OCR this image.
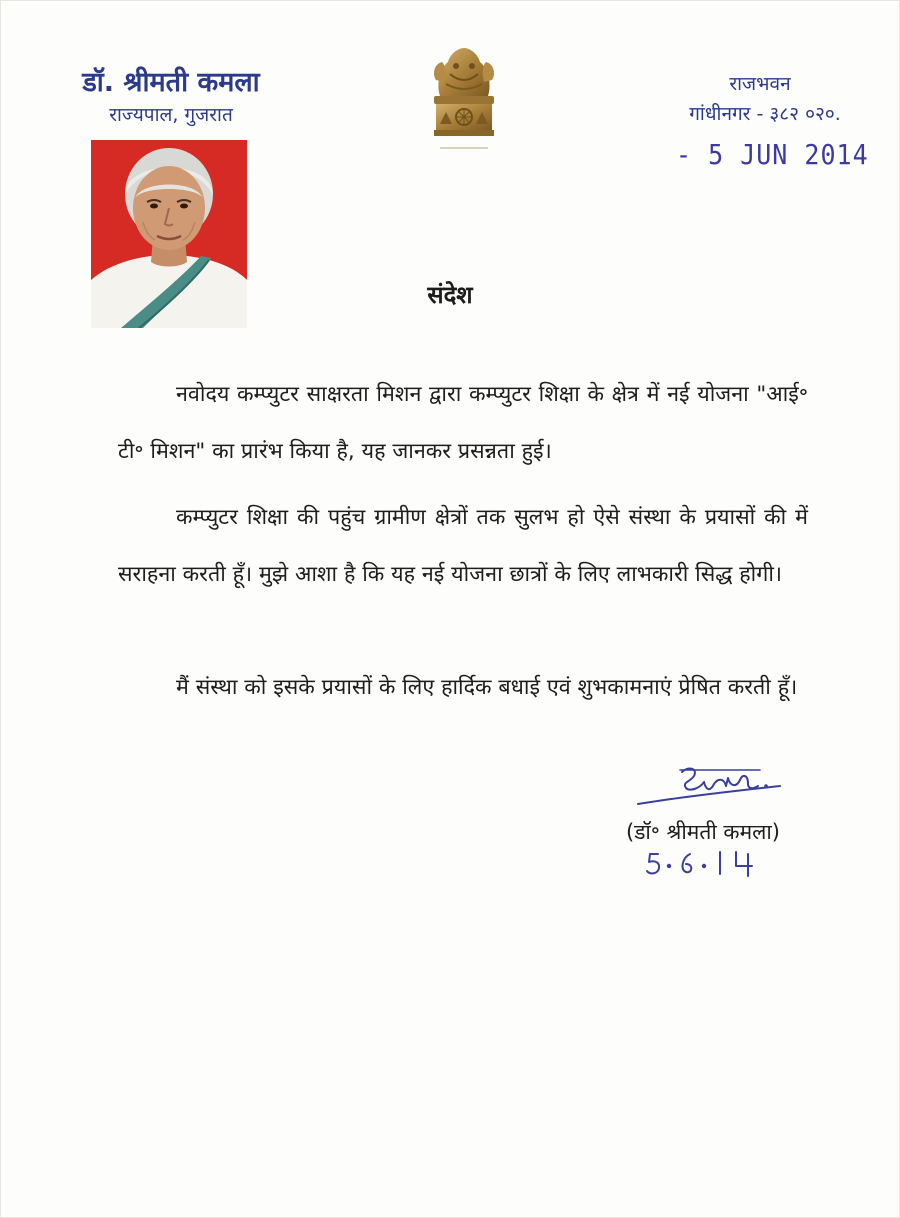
डॉ. श्रीमती कमला
राज्यपाल, गुजरात
राजभवन
गांधीनगर - ३८२ ०२०.
- 5 JUN 2014
संदेश
नवोदय कम्प्युटर साक्षरता मिशन द्वारा कम्प्युटर शिक्षा के क्षेत्र में नई योजना "आई॰ टी॰ मिशन" का प्रारंभ किया है, यह जानकर प्रसन्नता हुई।
कम्प्युटर शिक्षा की पहुंच ग्रामीण क्षेत्रों तक सुलभ हो ऐसे संस्था के प्रयासों की में सराहना करती हूँ। मुझे आशा है कि यह नई योजना छात्रों के लिए लाभकारी सिद्ध होगी।
मैं संस्था को इसके प्रयासों के लिए हार्दिक बधाई एवं शुभकामनाएं प्रेषित करती हूँ।
(डॉ॰ श्रीमती कमला)
